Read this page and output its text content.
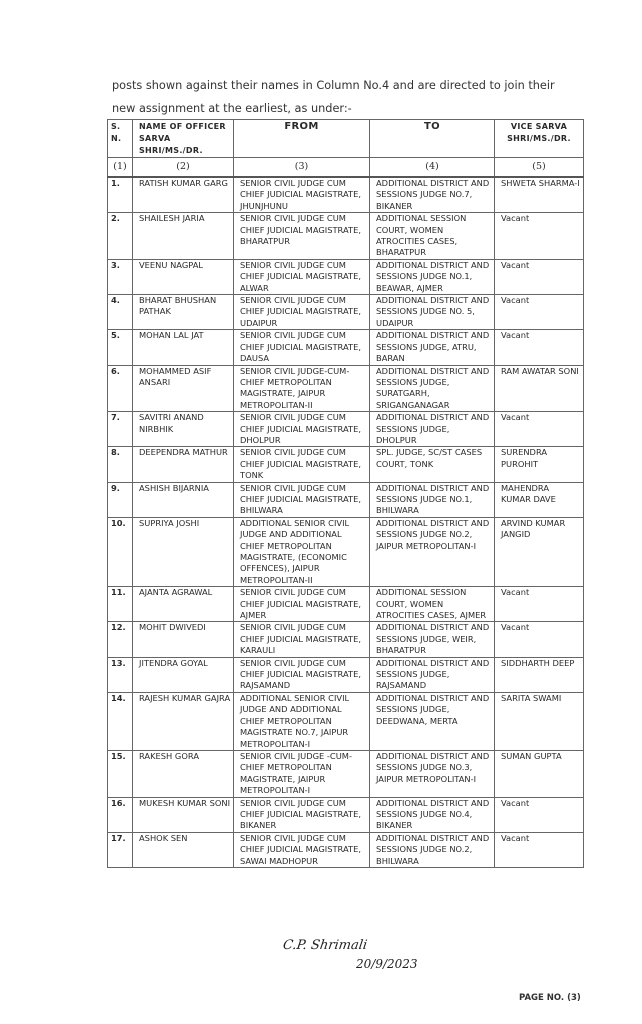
posts shown against their names in Column No.4 and are directed to join their
new assignment at the earliest, as under:-
S. N.	NAME OF OFFICER SARVA SHRI/MS./DR.	FROM	TO	VICE SARVA SHRI/MS./DR.
(1)	(2)	(3)	(4)	(5)
1.	RATISH KUMAR GARG	SENIOR CIVIL JUDGE CUM CHIEF JUDICIAL MAGISTRATE, JHUNJHUNU	ADDITIONAL DISTRICT AND SESSIONS JUDGE NO.7, BIKANER	SHWETA SHARMA-I
2.	SHAILESH JARIA	SENIOR CIVIL JUDGE CUM CHIEF JUDICIAL MAGISTRATE, BHARATPUR	ADDITIONAL SESSION COURT, WOMEN ATROCITIES CASES, BHARATPUR	Vacant
3.	VEENU NAGPAL	SENIOR CIVIL JUDGE CUM CHIEF JUDICIAL MAGISTRATE, ALWAR	ADDITIONAL DISTRICT AND SESSIONS JUDGE NO.1, BEAWAR, AJMER	Vacant
4.	BHARAT BHUSHAN PATHAK	SENIOR CIVIL JUDGE CUM CHIEF JUDICIAL MAGISTRATE, UDAIPUR	ADDITIONAL DISTRICT AND SESSIONS JUDGE NO. 5, UDAIPUR	Vacant
5.	MOHAN LAL JAT	SENIOR CIVIL JUDGE CUM CHIEF JUDICIAL MAGISTRATE, DAUSA	ADDITIONAL DISTRICT AND SESSIONS JUDGE, ATRU, BARAN	Vacant
6.	MOHAMMED ASIF ANSARI	SENIOR CIVIL JUDGE-CUM-CHIEF METROPOLITAN MAGISTRATE, JAIPUR METROPOLITAN-II	ADDITIONAL DISTRICT AND SESSIONS JUDGE, SURATGARH, SRIGANGANAGAR	RAM AWATAR SONI
7.	SAVITRI ANAND NIRBHIK	SENIOR CIVIL JUDGE CUM CHIEF JUDICIAL MAGISTRATE, DHOLPUR	ADDITIONAL DISTRICT AND SESSIONS JUDGE, DHOLPUR	Vacant
8.	DEEPENDRA MATHUR	SENIOR CIVIL JUDGE CUM CHIEF JUDICIAL MAGISTRATE, TONK	SPL. JUDGE, SC/ST CASES COURT, TONK	SURENDRA PUROHIT
9.	ASHISH BIJARNIA	SENIOR CIVIL JUDGE CUM CHIEF JUDICIAL MAGISTRATE, BHILWARA	ADDITIONAL DISTRICT AND SESSIONS JUDGE NO.1, BHILWARA	MAHENDRA KUMAR DAVE
10.	SUPRIYA JOSHI	ADDITIONAL SENIOR CIVIL JUDGE AND ADDITIONAL CHIEF METROPOLITAN MAGISTRATE, (ECONOMIC OFFENCES), JAIPUR METROPOLITAN-II	ADDITIONAL DISTRICT AND SESSIONS JUDGE NO.2, JAIPUR METROPOLITAN-I	ARVIND KUMAR JANGID
11.	AJANTA AGRAWAL	SENIOR CIVIL JUDGE CUM CHIEF JUDICIAL MAGISTRATE, AJMER	ADDITIONAL SESSION COURT, WOMEN ATROCITIES CASES, AJMER	Vacant
12.	MOHIT DWIVEDI	SENIOR CIVIL JUDGE CUM CHIEF JUDICIAL MAGISTRATE, KARAULI	ADDITIONAL DISTRICT AND SESSIONS JUDGE, WEIR, BHARATPUR	Vacant
13.	JITENDRA GOYAL	SENIOR CIVIL JUDGE CUM CHIEF JUDICIAL MAGISTRATE, RAJSAMAND	ADDITIONAL DISTRICT AND SESSIONS JUDGE, RAJSAMAND	SIDDHARTH DEEP
14.	RAJESH KUMAR GAJRA	ADDITIONAL SENIOR CIVIL JUDGE AND ADDITIONAL CHIEF METROPOLITAN MAGISTRATE NO.7, JAIPUR METROPOLITAN-I	ADDITIONAL DISTRICT AND SESSIONS JUDGE, DEEDWANA, MERTA	SARITA SWAMI
15.	RAKESH GORA	SENIOR CIVIL JUDGE -CUM- CHIEF METROPOLITAN MAGISTRATE, JAIPUR METROPOLITAN-I	ADDITIONAL DISTRICT AND SESSIONS JUDGE NO.3, JAIPUR METROPOLITAN-I	SUMAN GUPTA
16.	MUKESH KUMAR SONI	SENIOR CIVIL JUDGE CUM CHIEF JUDICIAL MAGISTRATE, BIKANER	ADDITIONAL DISTRICT AND SESSIONS JUDGE NO.4, BIKANER	Vacant
17.	ASHOK SEN	SENIOR CIVIL JUDGE CUM CHIEF JUDICIAL MAGISTRATE, SAWAI MADHOPUR	ADDITIONAL DISTRICT AND SESSIONS JUDGE NO.2, BHILWARA	Vacant
C.P. Shrimali
20/9/2023
PAGE NO. (3)
